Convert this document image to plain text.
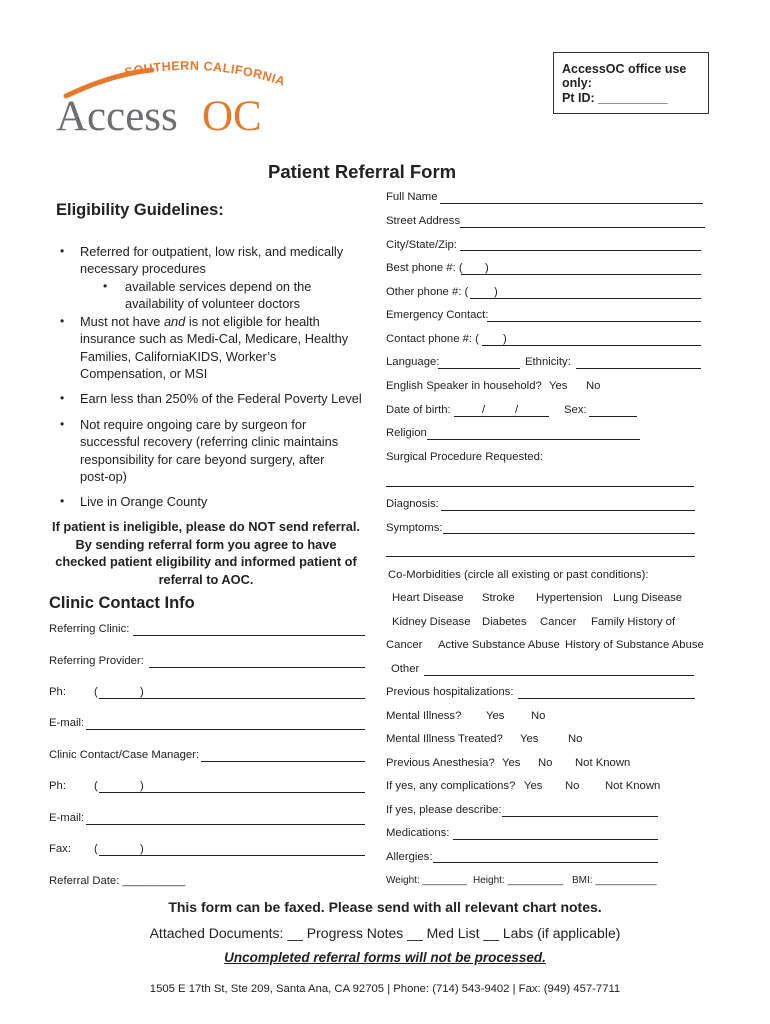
SOUTHERN CALIFORNIA
Access OC
AccessOC office use only:
Pt ID: __________
Patient Referral Form
Eligibility Guidelines:
• Referred for outpatient, low risk, and medically
necessary procedures
• available services depend on the
availability of volunteer doctors
• Must not have and is not eligible for health
insurance such as Medi-Cal, Medicare, Healthy
Families, CaliforniaKIDS, Worker’s
Compensation, or MSI
• Earn less than 250% of the Federal Poverty Level
• Not require ongoing care by surgeon for
successful recovery (referring clinic maintains
responsibility for care beyond surgery, after
post-op)
• Live in Orange County
If patient is ineligible, please do NOT send referral.
By sending referral form you agree to have
checked patient eligibility and informed patient of
referral to AOC.
Clinic Contact Info
Referring Clinic:
Referring Provider:
Ph: (	)
E-mail:
Clinic Contact/Case Manager:
Ph: (	)
E-mail:
Fax: (	)
Referral Date: __________
Full Name
Street Address
City/State/Zip:
Best phone #: ( )
Other phone #: ( )
Emergency Contact:
Contact phone #: ( )
Language:	Ethnicity:
English Speaker in household? Yes No
Date of birth:	/	/	Sex:
Religion
Surgical Procedure Requested:
Diagnosis:
Symptoms:
Co-Morbidities (circle all existing or past conditions):
Heart Disease Stroke Hypertension Lung Disease
Kidney Disease Diabetes Cancer Family History of
Cancer Active Substance Abuse History of Substance Abuse
Other
Previous hospitalizations:
Mental Illness? Yes No
Mental Illness Treated? Yes	No
Previous Anesthesia? Yes No Not Known
If yes, any complications? Yes No Not Known
If yes, please describe:
Medications:
Allergies:
Weight: ________ Height: __________ BMI: ___________
This form can be faxed. Please send with all relevant chart notes.
Attached Documents: __ Progress Notes __ Med List __ Labs (if applicable)
Uncompleted referral forms will not be processed.
1505 E 17th St, Ste 209, Santa Ana, CA 92705 | Phone: (714) 543-9402 | Fax: (949) 457-7711
